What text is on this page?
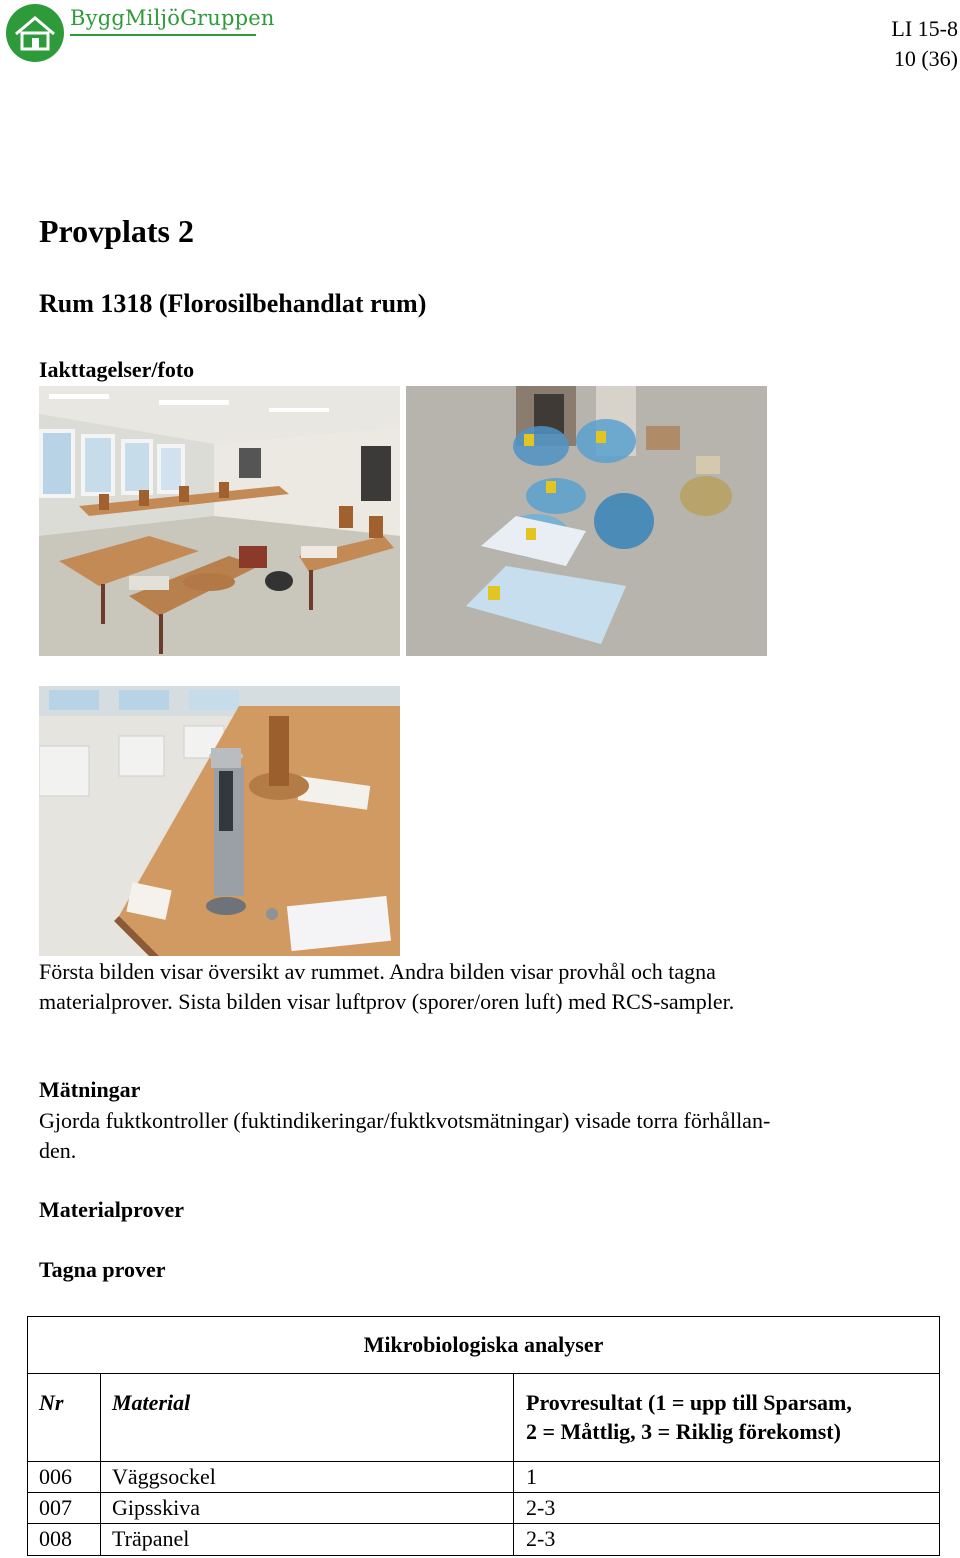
ByggMiljöGruppen	LI 15-8
10 (36)
Provplats 2
Rum 1318 (Florosilbehandlat rum)
Iakttagelser/foto
Första bilden visar översikt av rummet. Andra bilden visar provhål och tagna
materialprover. Sista bilden visar luftprov (sporer/oren luft) med RCS-sampler.
Mätningar
Gjorda fuktkontroller (fuktindikeringar/fuktkvotsmätningar) visade torra förhållan-
den.
Materialprover
Tagna prover
Mikrobiologiska analyser
Nr Material	Provresultat (1 = upp till Sparsam,
2 = Måttlig, 3 = Riklig förekomst)
006 Väggsockel	1
007 Gipsskiva	2-3
008 Träpanel	2-3
